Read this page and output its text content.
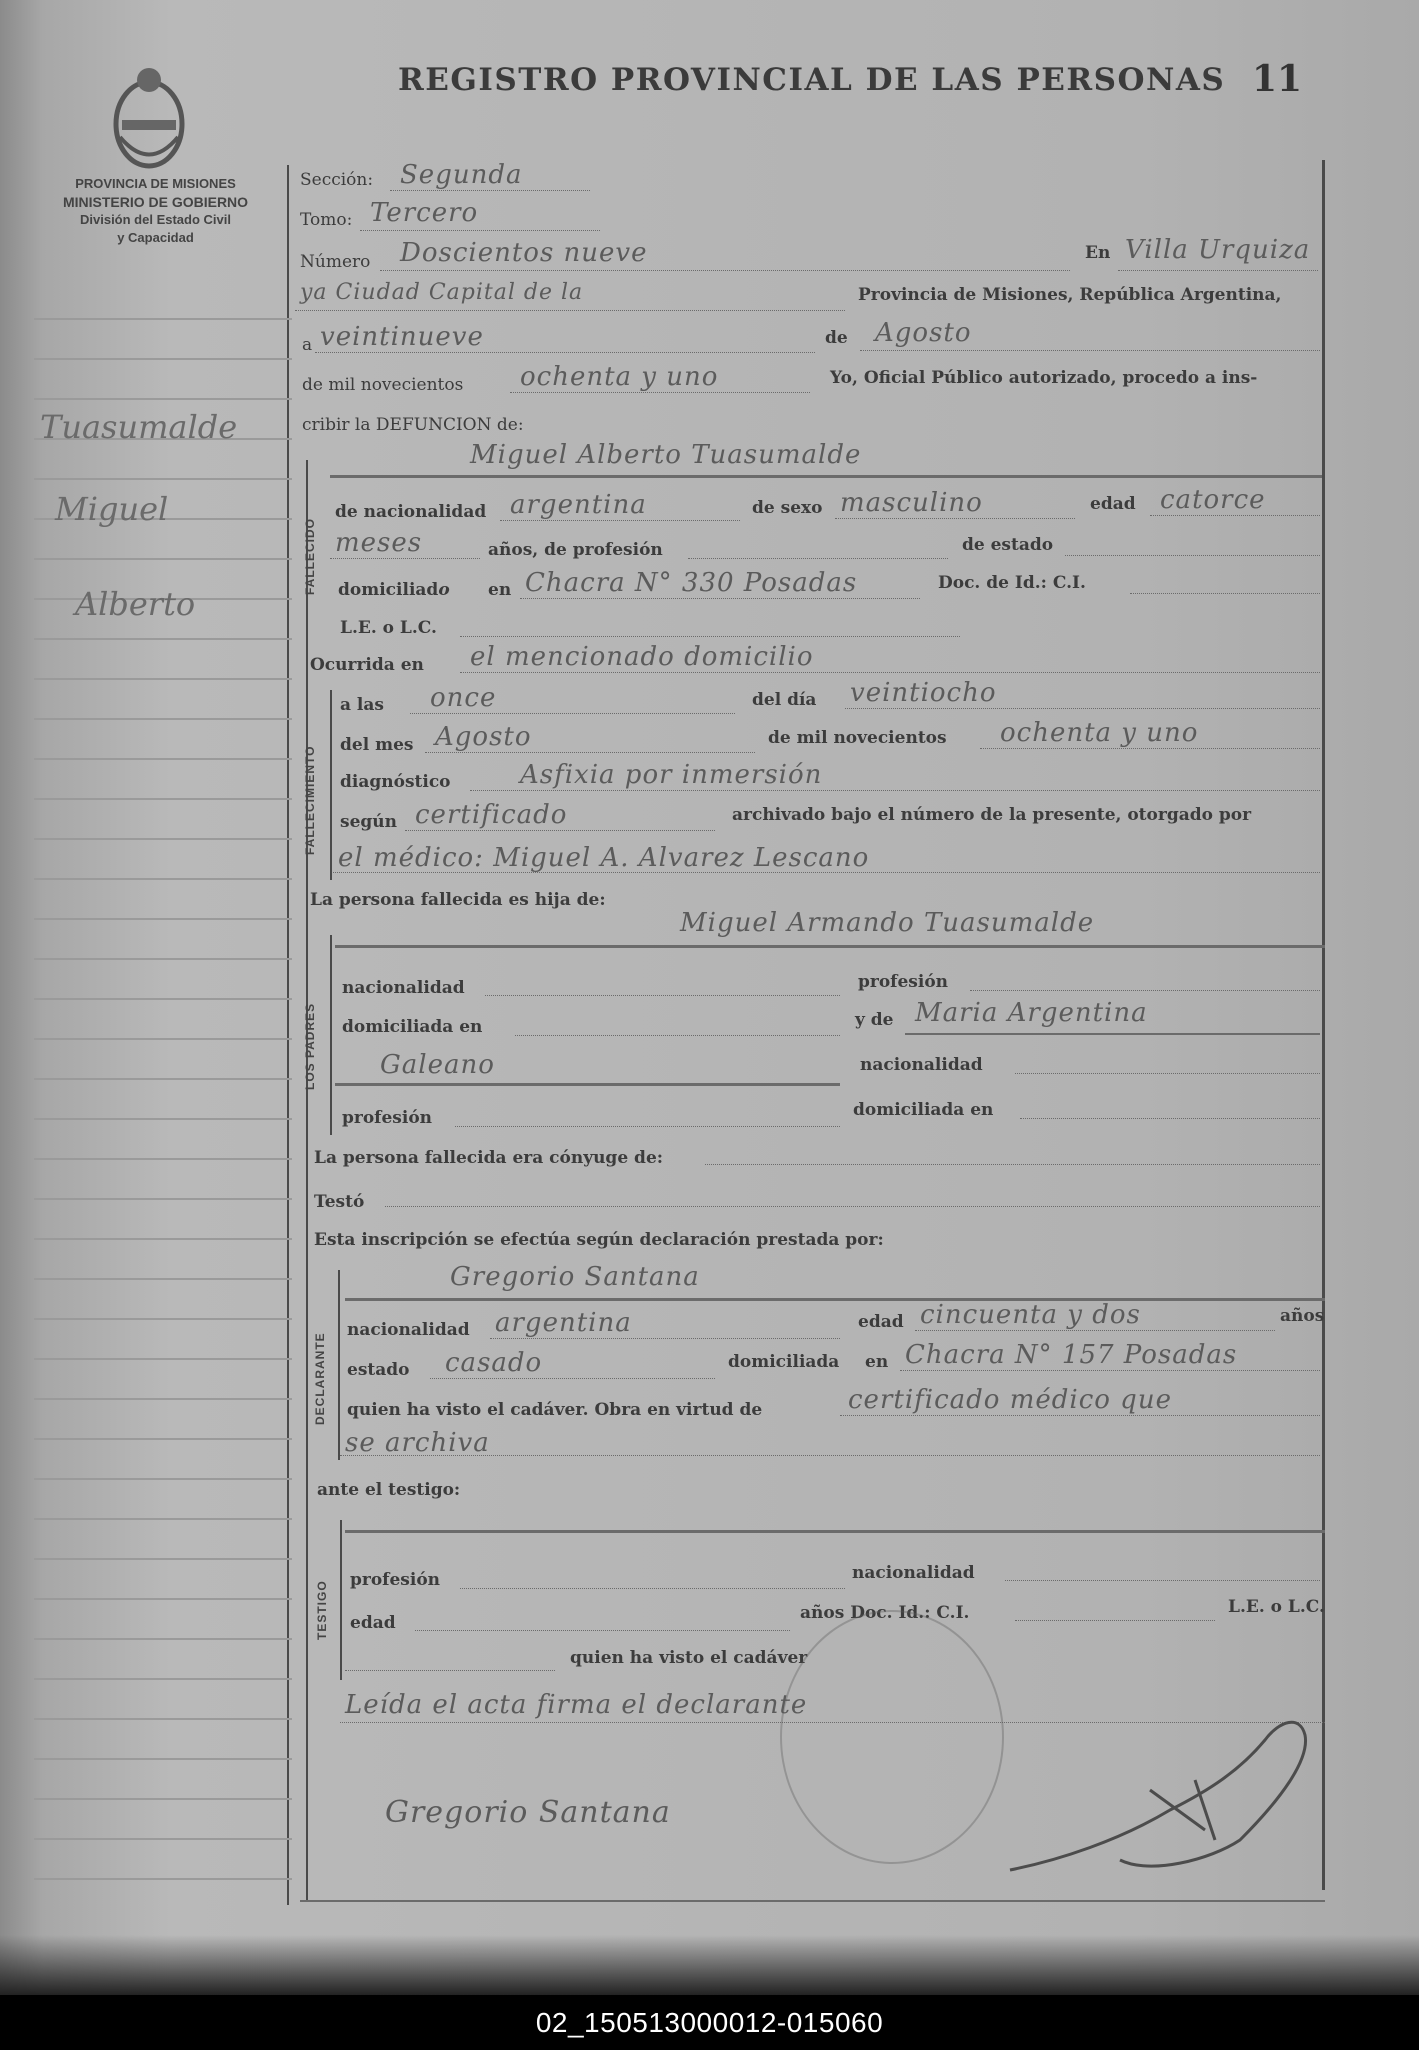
PROVINCIA DE MISIONES
MINISTERIO DE GOBIERNO
División del Estado Civil
y Capacidad
REGISTRO PROVINCIAL DE LAS PERSONAS 11
Tuasumalde
Miguel
Alberto
Sección: Segunda
Tomo: Tercero
Número Doscientos nueve	En Villa Urquiza
ya Ciudad Capital de la	Provincia de Misiones, República Argentina,
a veintinueve	de Agosto
de mil novecientos ochenta y uno	Yo, Oficial Público autorizado, procedo a ins-
cribir la DEFUNCION de:
FALLECIDO
Miguel Alberto Tuasumalde
de nacionalidad argentina	de sexo masculino	edad catorce
meses	años, de profesión	de estado
domiciliado en Chacra N° 330 Posadas	Doc. de Id.: C.I.
L.E. o L.C.
Ocurrida en el mencionado domicilio
FALLECIMIENTO
a las once	del día veintiocho
del mes Agosto	de mil novecientos ochenta y uno
diagnóstico	Asfixia por inmersión
según certificado	archivado bajo el número de la presente, otorgado por
el médico: Miguel A. Alvarez Lescano
La persona fallecida es hija de:
LOS PADRES
Miguel Armando Tuasumalde
nacionalidad	profesión
domiciliada en	y de Maria Argentina
Galeano	nacionalidad
profesión	domiciliada en
La persona fallecida era cónyuge de:
Testó
Esta inscripción se efectúa según declaración prestada por:
DECLARANTE
Gregorio Santana
nacionalidad argentina	edad cincuenta y dos	años
estado casado	domiciliada en Chacra N° 157 Posadas
quien ha visto el cadáver. Obra en virtud de	certificado médico que
se archiva
ante el testigo:
TESTIGO
profesión	nacionalidad
edad	años Doc. Id.: C.I.	L.E. o L.C.
quien ha visto el cadáver
Leída el acta firma el declarante
Gregorio Santana
02_150513000012-015060
